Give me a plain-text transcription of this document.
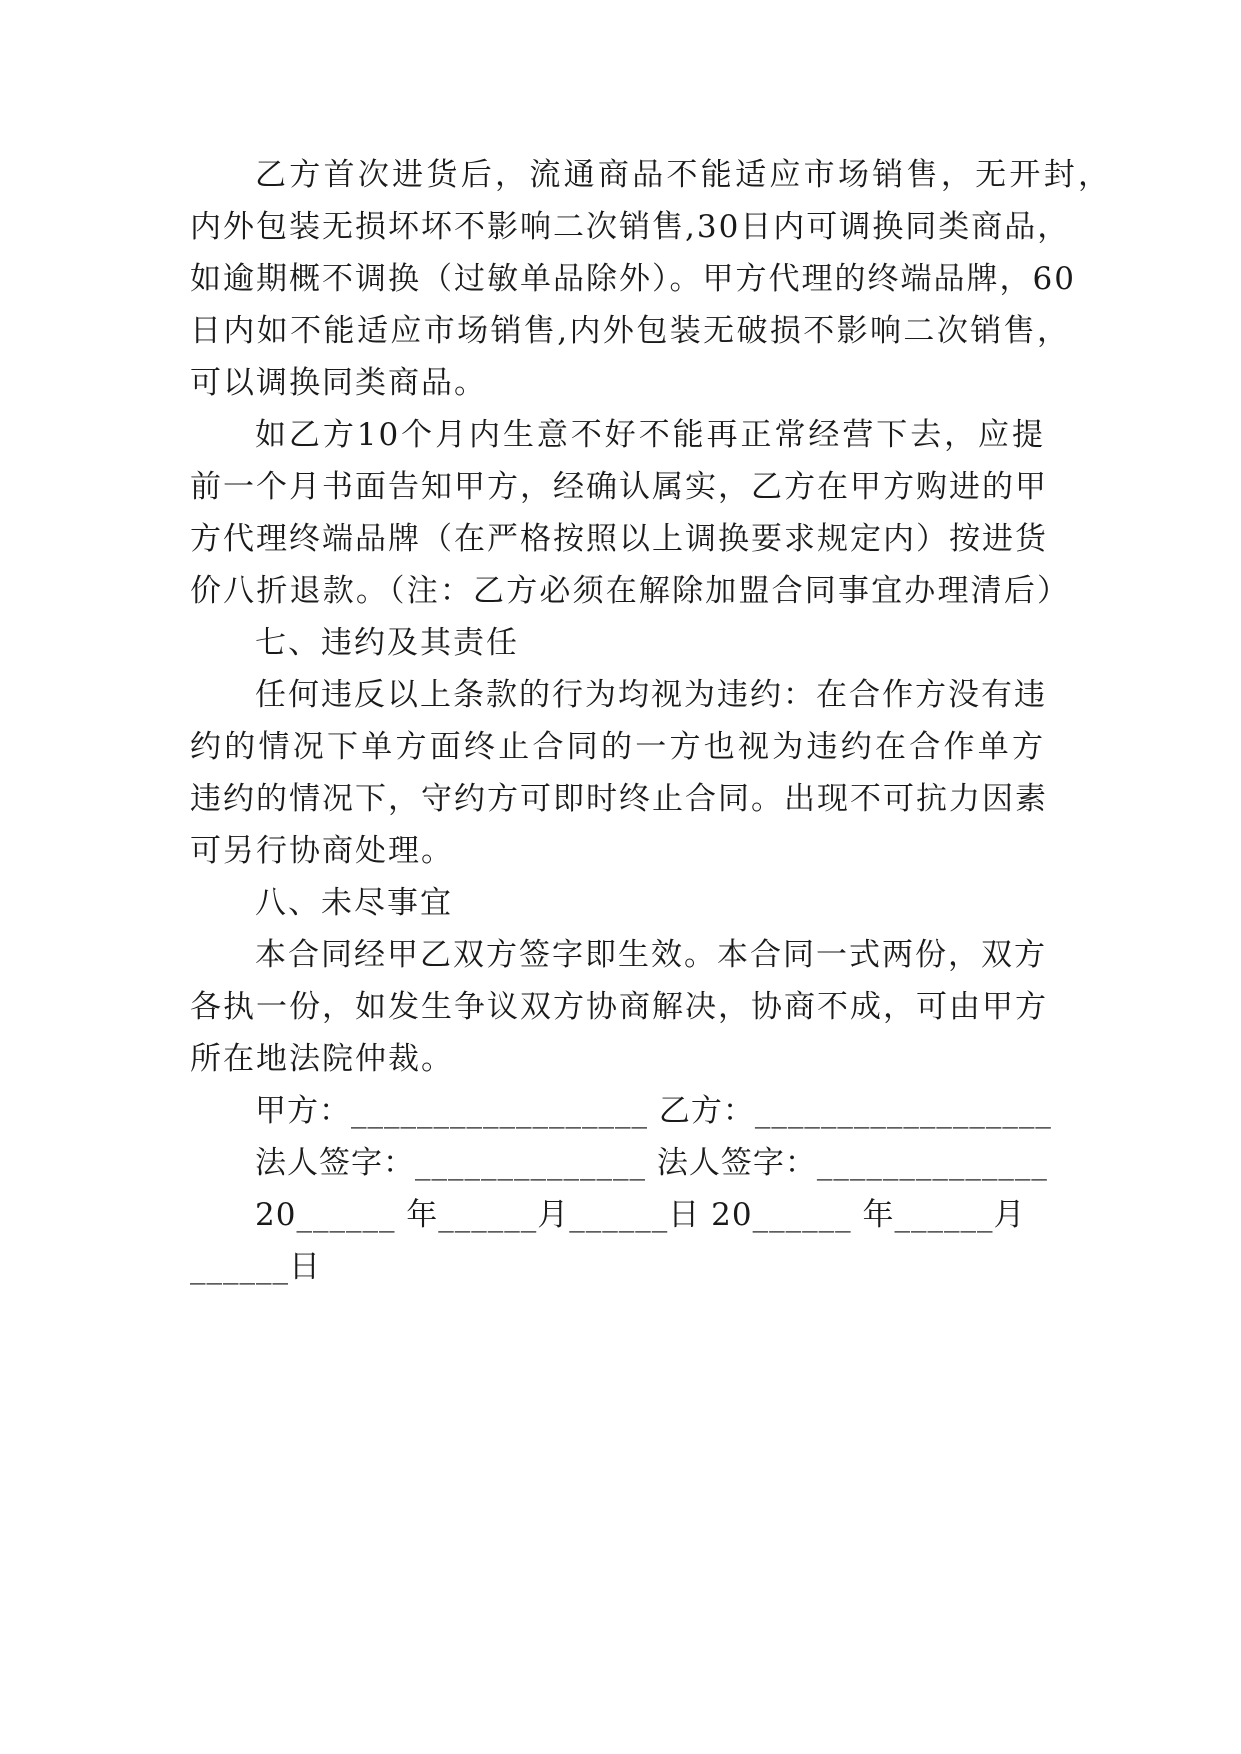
乙方首次进货后，流通商品不能适应市场销售，无开封，
内外包装无损坏坏不影响二次销售,30日内可调换同类商品，
如逾期概不调换（过敏单品除外）。甲方代理的终端品牌，60
日内如不能适应市场销售,内外包装无破损不影响二次销售，
可以调换同类商品。
如乙方10个月内生意不好不能再正常经营下去，应提
前一个月书面告知甲方，经确认属实，乙方在甲方购进的甲
方代理终端品牌（在严格按照以上调换要求规定内）按进货
价八折退款。（注：乙方必须在解除加盟合同事宜办理清后）
七、违约及其责任
任何违反以上条款的行为均视为违约：在合作方没有违
约的情况下单方面终止合同的一方也视为违约在合作单方
违约的情况下，守约方可即时终止合同。出现不可抗力因素
可另行协商处理。
八、未尽事宜
本合同经甲乙双方签字即生效。本合同一式两份，双方
各执一份，如发生争议双方协商解决，协商不成，可由甲方
所在地法院仲裁。
甲方：__________________ 乙方：__________________
法人签字：______________ 法人签字：______________
20______ 年______月______日 20______ 年______月
______日
